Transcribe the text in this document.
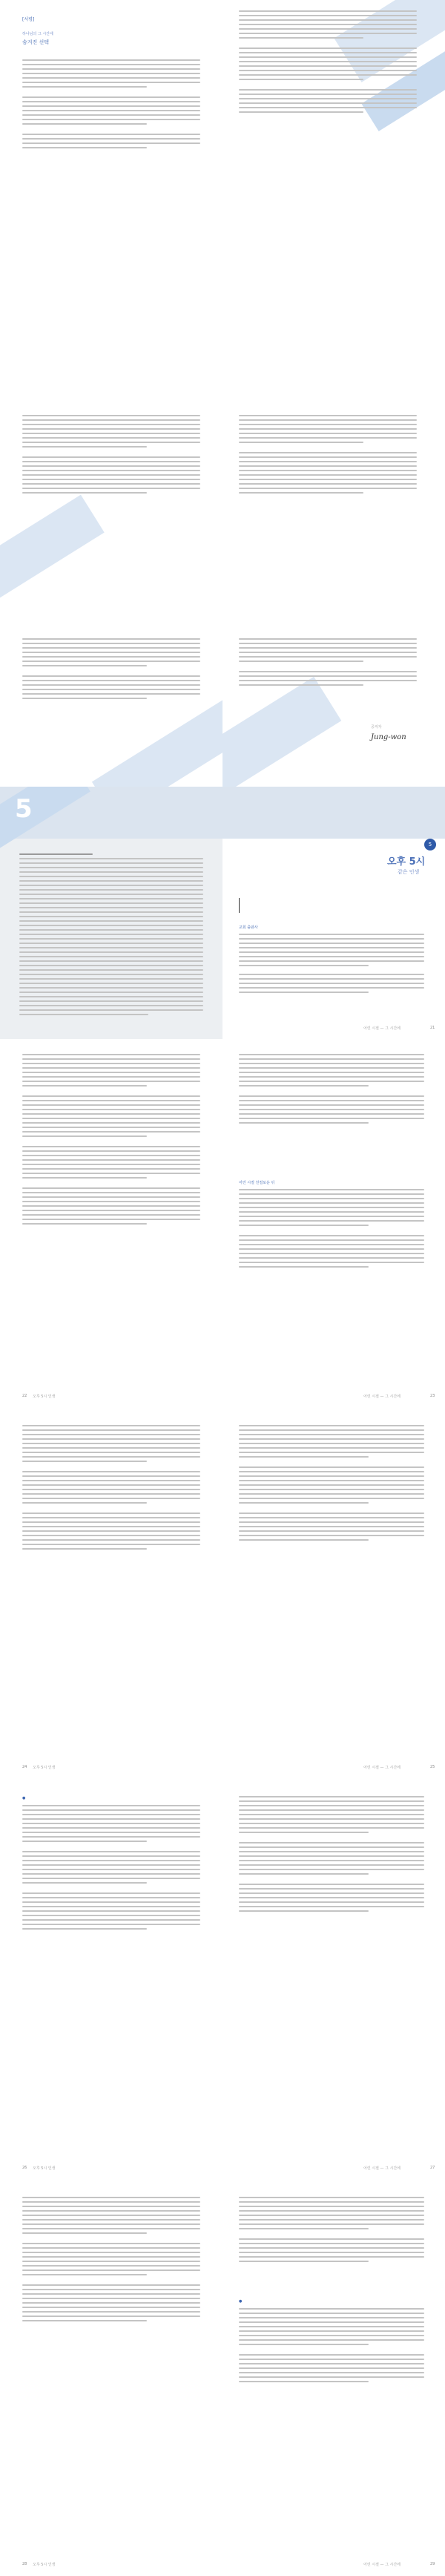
[서평]
하나님의 그 시간에
숨겨진 선택
공저자
Jung-won
5
5
오후 5시
같은 인생
교회 출판사
어린 시절 — 그 시간에	21
22 오후 5시 인생
어린 시절 친절로운 뒤
어린 시절 — 그 시간에	23
24 오후 5시 인생	어린 시절 — 그 시간에	25
●
26 오후 5시 인생	어린 시절 — 그 시간에	27
28 오후 5시 인생
●
어린 시절 — 그 시간에	29
